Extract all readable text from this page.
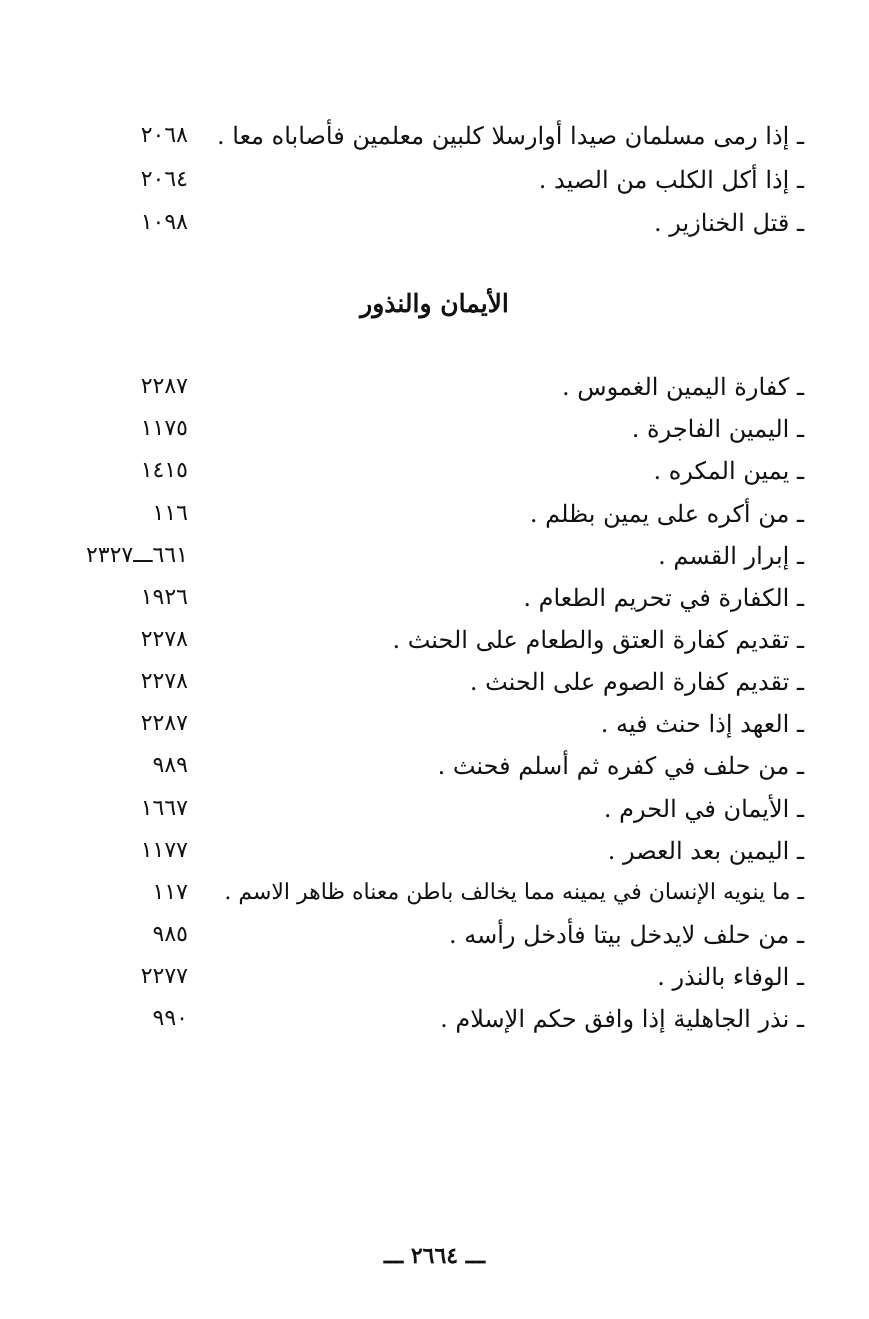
ـ إذا رمى مسلمان صيدا أوارسلا كلبين معلمين فأصاباه معا .
٢٠٦٨
ـ إذا أكل الكلب من الصيد .
٢٠٦٤
ـ قتل الخنازير .
١٠٩٨
الأيمان والنذور
ـ كفارة اليمين الغموس .
٢٢٨٧
ـ اليمين الفاجرة .
١١٧٥
ـ يمين المكره .
١٤١٥
ـ من أكره على يمين بظلم .
١١٦
ـ إبرار القسم .
٦٦١ـــ٢٣٢٧
ـ الكفارة في تحريم الطعام .
١٩٢٦
ـ تقديم كفارة العتق والطعام على الحنث .
٢٢٧٨
ـ تقديم كفارة الصوم على الحنث .
٢٢٧٨
ـ العهد إذا حنث فيه .
٢٢٨٧
ـ من حلف في كفره ثم أسلم فحنث .
٩٨٩
ـ الأيمان في الحرم .
١٦٦٧
ـ اليمين بعد العصر .
١١٧٧
ـ ما ينويه الإنسان في يمينه مما يخالف باطن معناه ظاهر الاسم .
١١٧
ـ من حلف لايدخل بيتا فأدخل رأسه .
٩٨٥
ـ الوفاء بالنذر .
٢٢٧٧
ـ نذر الجاهلية إذا وافق حكم الإسلام .
٩٩٠
ـــ ٢٦٦٤ ـــ
